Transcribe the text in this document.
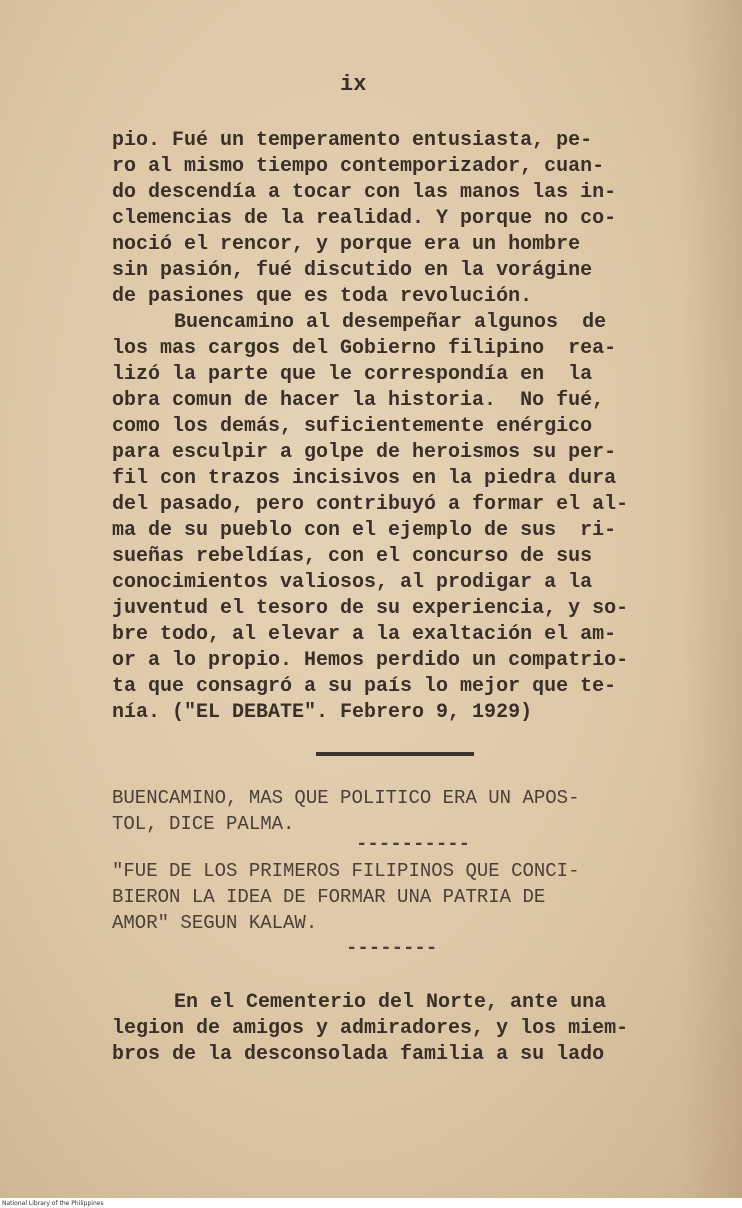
ix

pio. Fué un temperamento entusiasta, pe-
ro al mismo tiempo contemporizador, cuan-
do descendía a tocar con las manos las in-
clemencias de la realidad. Y porque no co-
noció el rencor, y porque era un hombre
sin pasión, fué discutido en la vorágine
de pasiones que es toda revolución.
Buencamino al desempeñar algunos  de
los mas cargos del Gobierno filipino  rea-
lizó la parte que le correspondía en  la
obra comun de hacer la historia.  No fué,
como los demás, suficientemente enérgico
para esculpir a golpe de heroismos su per-
fil con trazos incisivos en la piedra dura
del pasado, pero contribuyó a formar el al-
ma de su pueblo con el ejemplo de sus  ri-
sueñas rebeldías, con el concurso de sus
conocimientos valiosos, al prodigar a la
juventud el tesoro de su experiencia, y so-
bre todo, al elevar a la exaltación el am-
or a lo propio. Hemos perdido un compatrio-
ta que consagró a su país lo mejor que te-
nía. ("EL DEBATE". Febrero 9, 1929)
BUENCAMINO, MAS QUE POLITICO ERA UN APOS-
TOL, DICE PALMA.
----------
"FUE DE LOS PRIMEROS FILIPINOS QUE CONCI-
BIERON LA IDEA DE FORMAR UNA PATRIA DE
AMOR" SEGUN KALAW.
--------
En el Cementerio del Norte, ante una
legion de amigos y admiradores, y los miem-
bros de la desconsolada familia a su lado
National Library of the Philippines
